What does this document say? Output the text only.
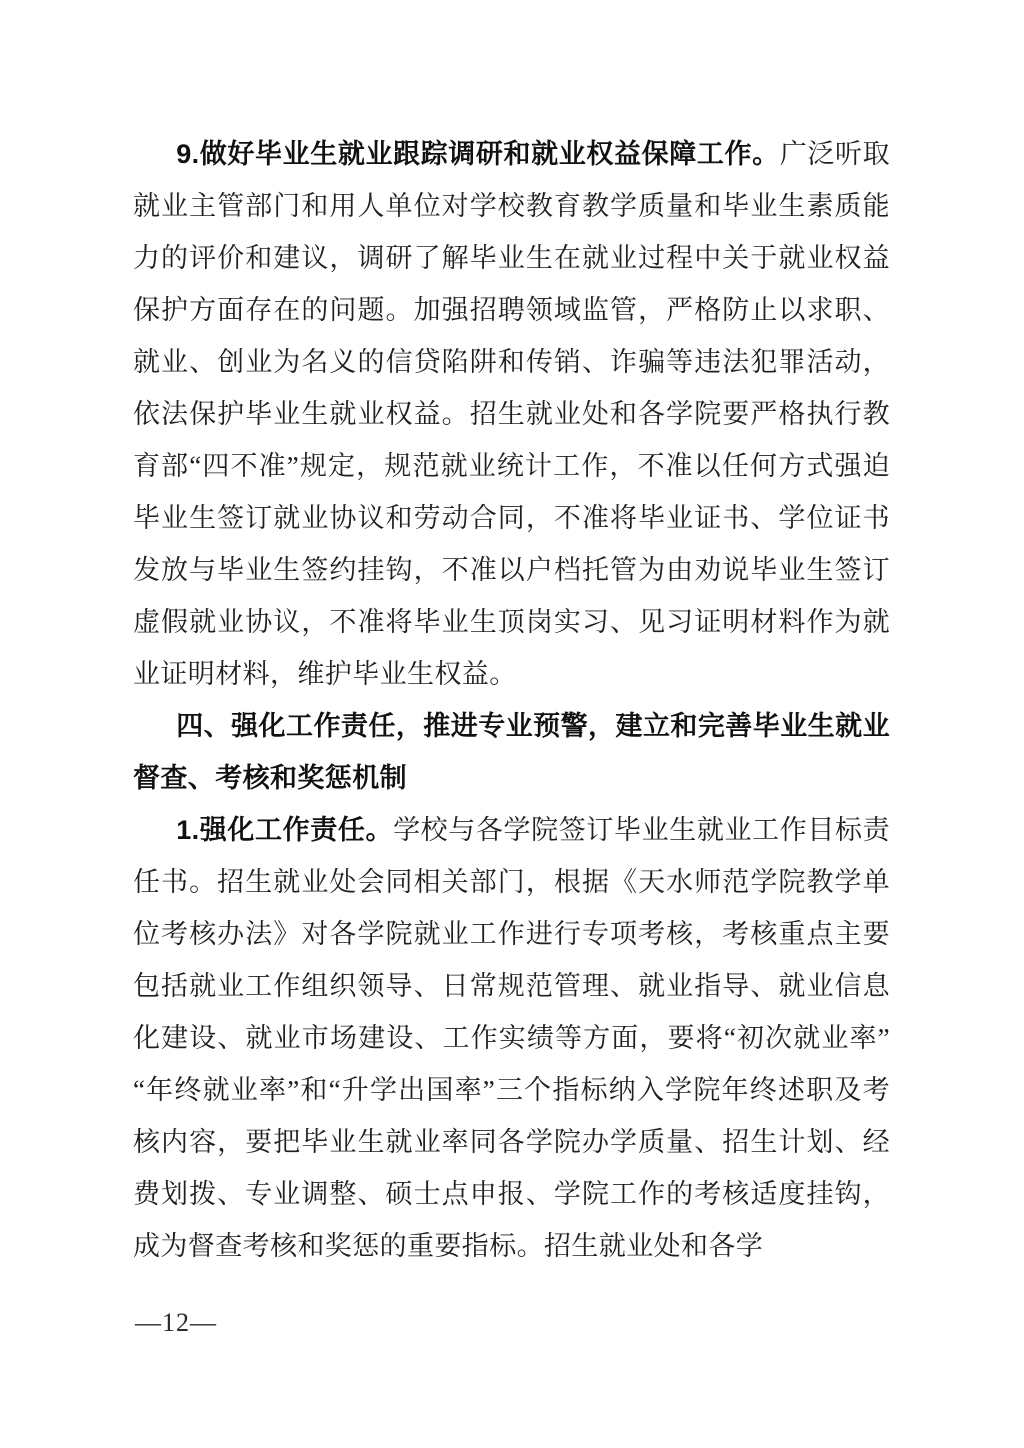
9.做好毕业生就业跟踪调研和就业权益保障工作。广泛听取就业主管部门和用人单位对学校教育教学质量和毕业生素质能力的评价和建议，调研了解毕业生在就业过程中关于就业权益保护方面存在的问题。加强招聘领域监管，严格防止以求职、就业、创业为名义的信贷陷阱和传销、诈骗等违法犯罪活动，依法保护毕业生就业权益。招生就业处和各学院要严格执行教育部“四不准”规定，规范就业统计工作，不准以任何方式强迫毕业生签订就业协议和劳动合同，不准将毕业证书、学位证书发放与毕业生签约挂钩，不准以户档托管为由劝说毕业生签订虚假就业协议，不准将毕业生顶岗实习、见习证明材料作为就业证明材料，维护毕业生权益。

四、强化工作责任，推进专业预警，建立和完善毕业生就业督查、考核和奖惩机制

1.强化工作责任。学校与各学院签订毕业生就业工作目标责任书。招生就业处会同相关部门，根据《天水师范学院教学单位考核办法》对各学院就业工作进行专项考核，考核重点主要包括就业工作组织领导、日常规范管理、就业指导、就业信息化建设、就业市场建设、工作实绩等方面，要将“初次就业率”“年终就业率”和“升学出国率”三个指标纳入学院年终述职及考核内容，要把毕业生就业率同各学院办学质量、招生计划、经费划拨、专业调整、硕士点申报、学院工作的考核适度挂钩，成为督查考核和奖惩的重要指标。招生就业处和各学

—12—
